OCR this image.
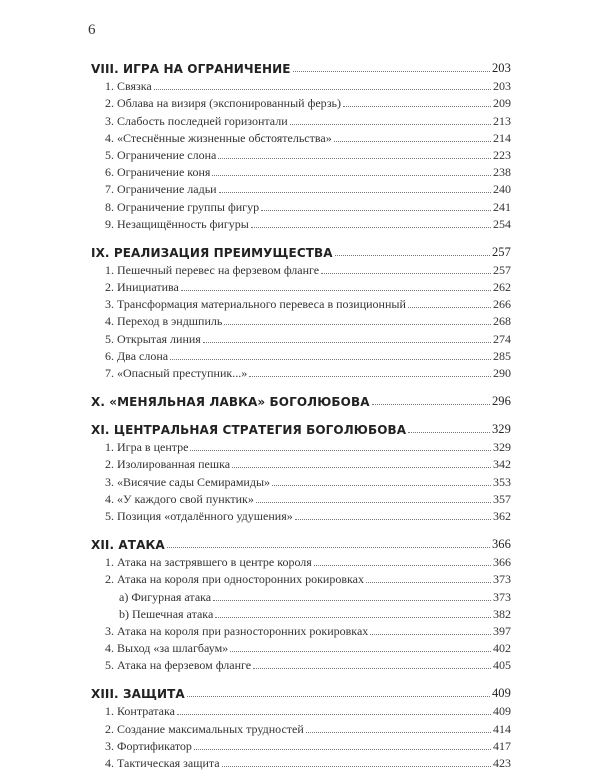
6
VIII. ИГРА НА ОГРАНИЧЕНИЕ	203
1. Связка	203
2. Облава на визиря (экспонированный ферзь)	209
3. Слабость последней горизонтали	213
4. «Стеснённые жизненные обстоятельства»	214
5. Ограничение слона	223
6. Ограничение коня	238
7. Ограничение ладьи	240
8. Ограничение группы фигур	241
9. Незащищённость фигуры	254
IX. РЕАЛИЗАЦИЯ ПРЕИМУЩЕСТВА	257
1. Пешечный перевес на ферзевом фланге	257
2. Инициатива	262
3. Трансформация материального перевеса в позиционный	266
4. Переход в эндшпиль	268
5. Открытая линия	274
6. Два слона	285
7. «Опасный преступник...»	290
X. «МЕНЯЛЬНАЯ ЛАВКА» БОГОЛЮБОВА	296
XI. ЦЕНТРАЛЬНАЯ СТРАТЕГИЯ БОГОЛЮБОВА	329
1. Игра в центре	329
2. Изолированная пешка	342
3. «Висячие сады Семирамиды»	353
4. «У каждого свой пунктик»	357
5. Позиция «отдалённого удушения»	362
XII. АТАКА	366
1. Атака на застрявшего в центре короля	366
2. Атака на короля при односторонних рокировках	373
a) Фигурная атака	373
b) Пешечная атака	382
3. Атака на короля при разносторонних рокировках	397
4. Выход «за шлагбаум»	402
5. Атака на ферзевом фланге	405
XIII. ЗАЩИТА	409
1. Контратака	409
2. Создание максимальных трудностей	414
3. Фортификатор	417
4. Тактическая защита	423
